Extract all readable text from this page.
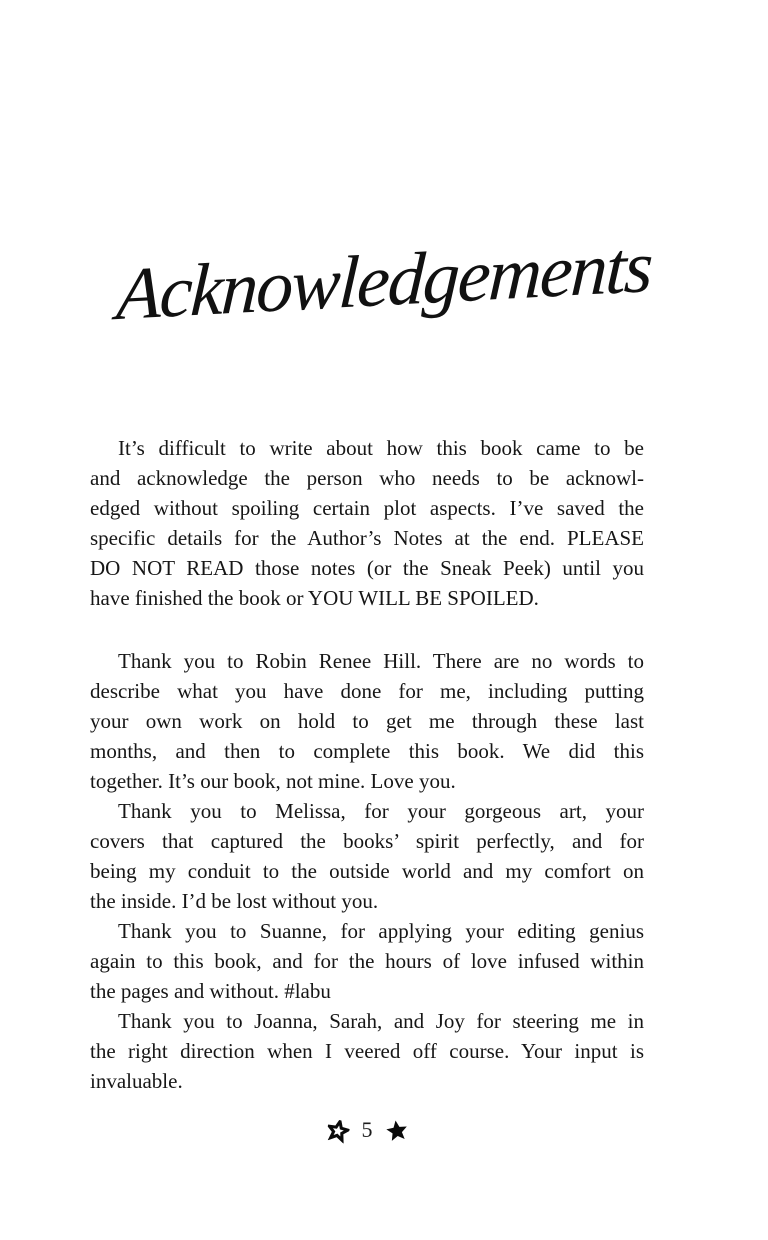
Acknowledgements
It’s difficult to write about how this book came to be
and acknowledge the person who needs to be acknowl-
edged without spoiling certain plot aspects. I’ve saved the
specific details for the Author’s Notes at the end. PLEASE
DO NOT READ those notes (or the Sneak Peek) until you
have finished the book or YOU WILL BE SPOILED.
Thank you to Robin Renee Hill. There are no words to
describe what you have done for me, including putting
your own work on hold to get me through these last
months, and then to complete this book. We did this
together. It’s our book, not mine. Love you.
Thank you to Melissa, for your gorgeous art, your
covers that captured the books’ spirit perfectly, and for
being my conduit to the outside world and my comfort on
the inside. I’d be lost without you.
Thank you to Suanne, for applying your editing genius
again to this book, and for the hours of love infused within
the pages and without. #labu
Thank you to Joanna, Sarah, and Joy for steering me in
the right direction when I veered off course. Your input is
invaluable.
5
